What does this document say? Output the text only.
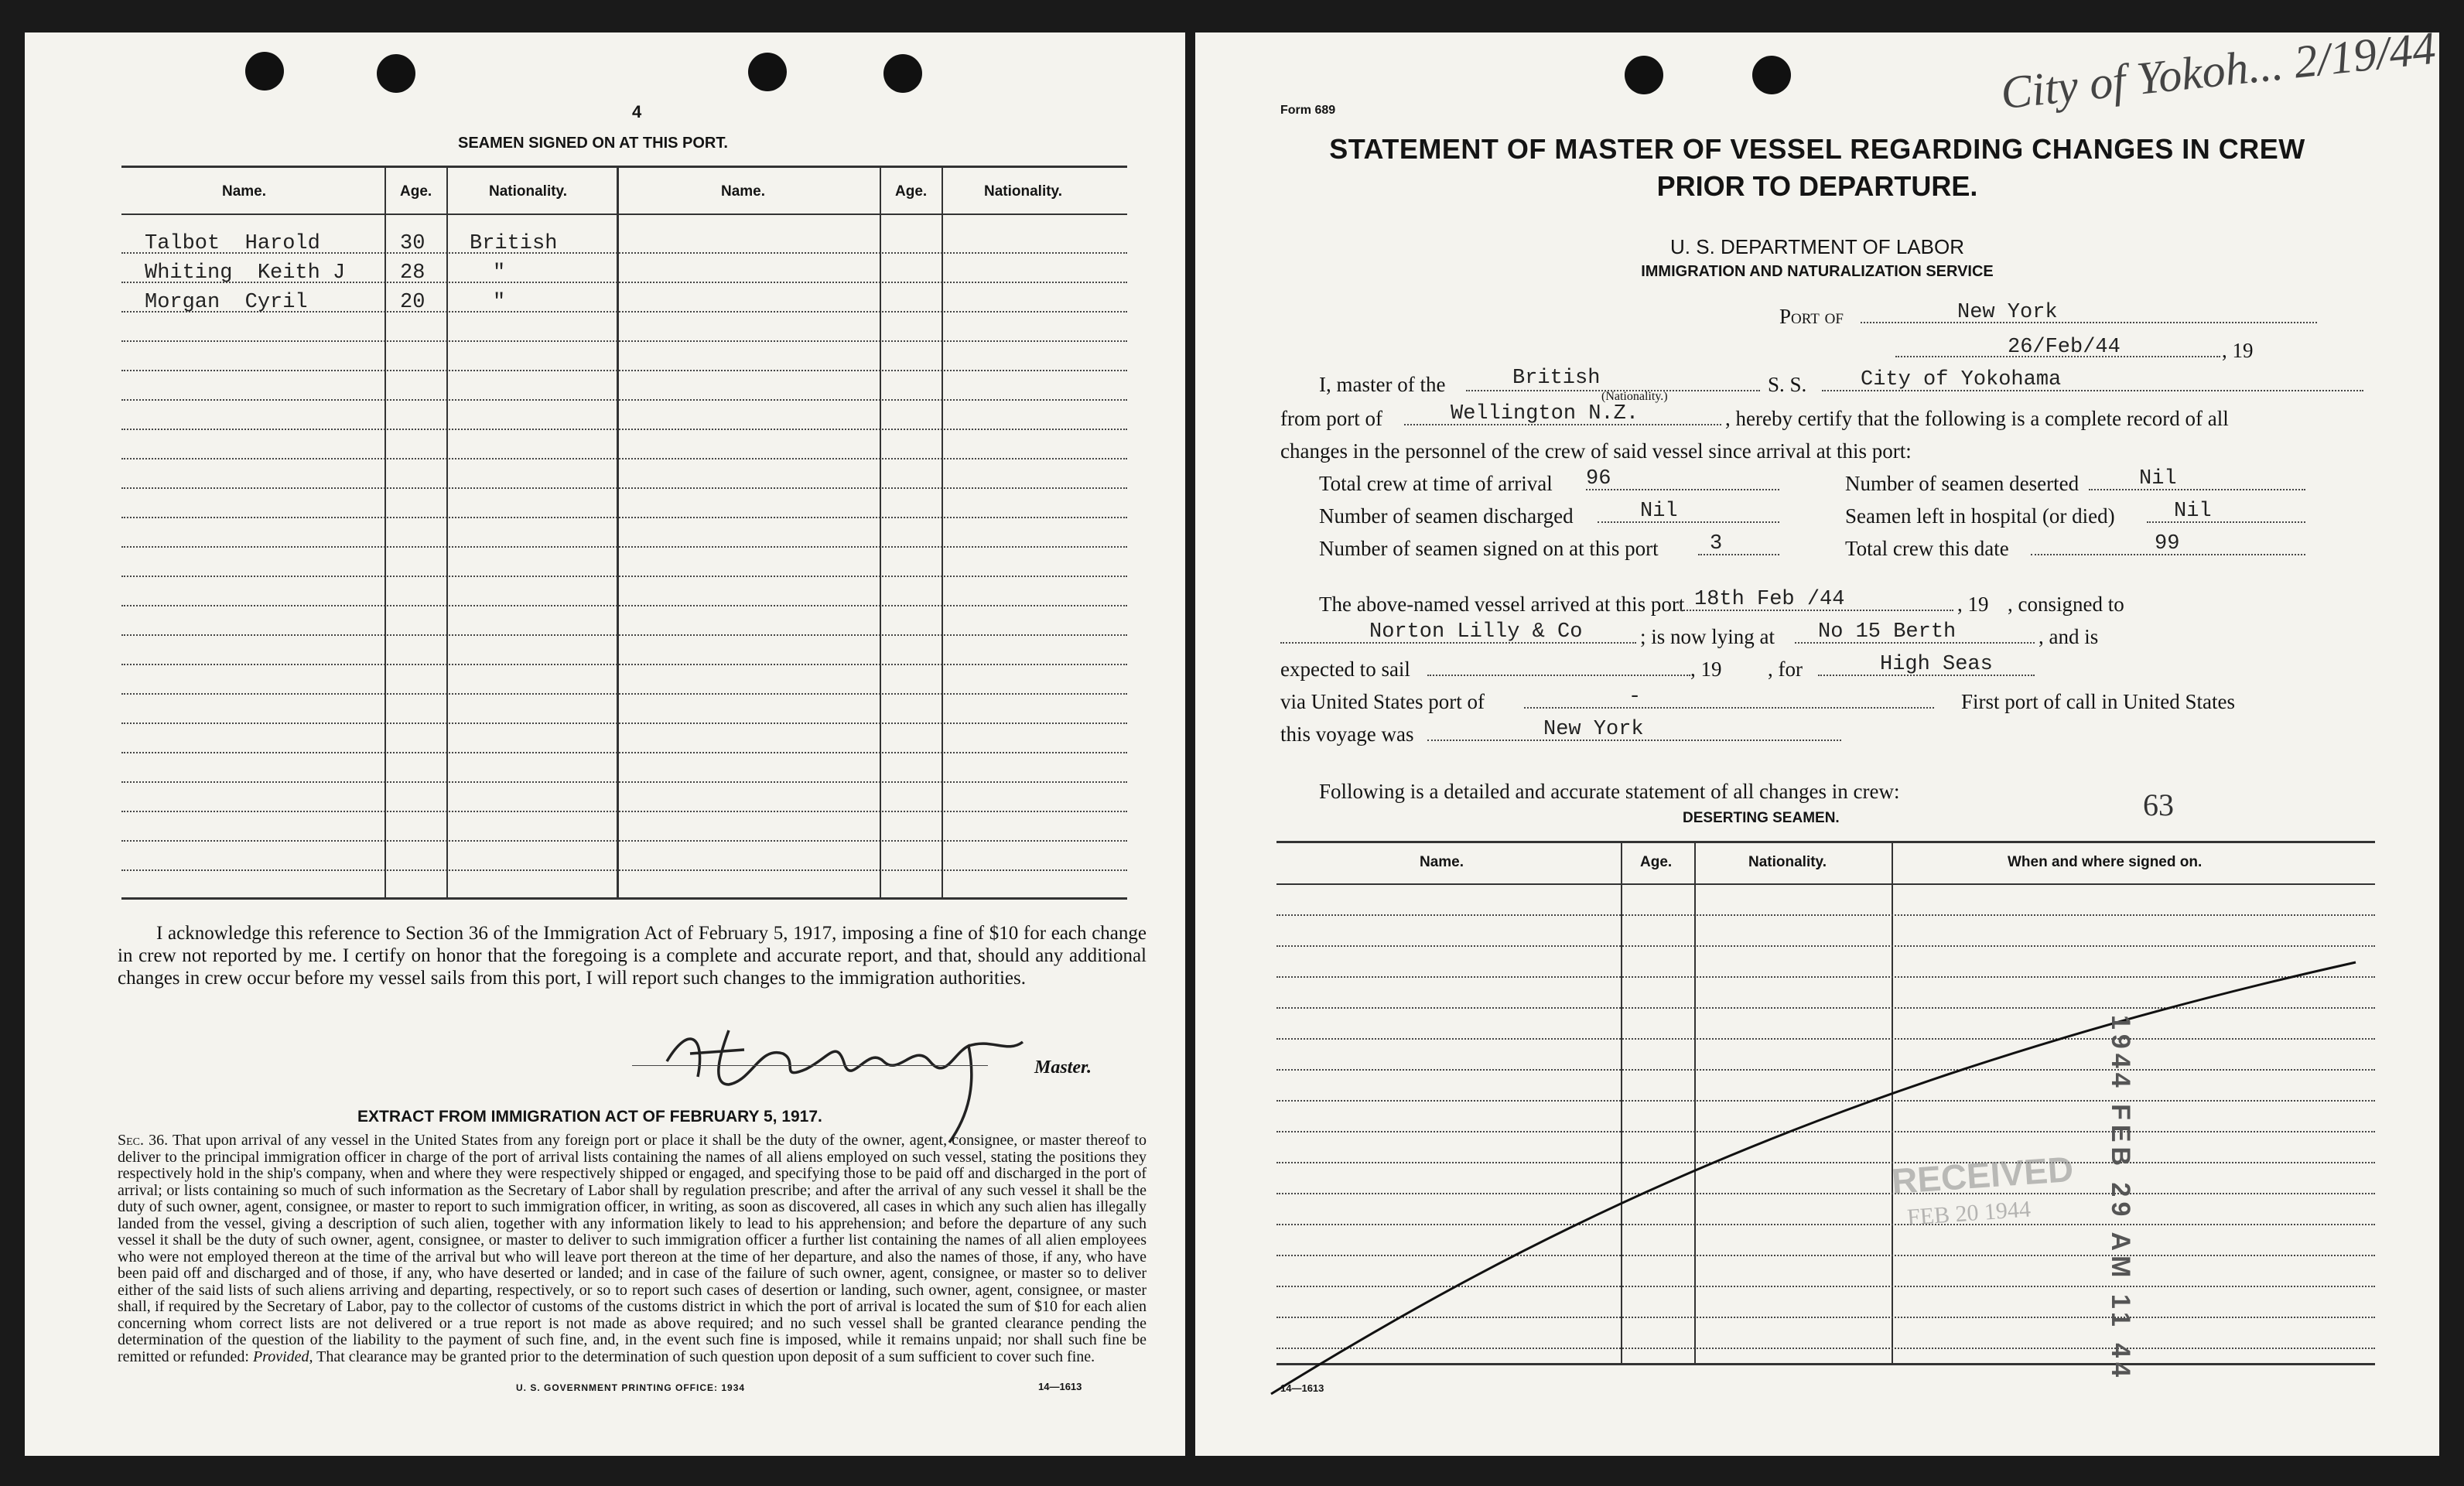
4
SEAMEN SIGNED ON AT THIS PORT.
Name.	Age.	Nationality.	Name.	Age.	Nationality.
Talbot  Harold	30 British
Whiting  Keith J	28	"
Morgan  Cyril	20	"
I acknowledge this reference to Section 36 of the Immigration Act of February 5, 1917, imposing a fine of $10 for each change in crew not reported by me. I certify on honor that the foregoing is a complete and accurate report, and that, should any additional changes in crew occur before my vessel sails from this port, I will report such changes to the immigration authorities.
Master.
EXTRACT FROM IMMIGRATION ACT OF FEBRUARY 5, 1917.
Sec. 36. That upon arrival of any vessel in the United States from any foreign port or place it shall be the duty of the owner, agent, consignee, or master thereof to deliver to the principal immigration officer in charge of the port of arrival lists containing the names of all aliens employed on such vessel, stating the positions they respectively hold in the ship's company, when and where they were respectively shipped or engaged, and specifying those to be paid off and discharged in the port of arrival; or lists containing so much of such information as the Secretary of Labor shall by regulation prescribe; and after the arrival of any such vessel it shall be the duty of such owner, agent, consignee, or master to report to such immigration officer, in writing, as soon as discovered, all cases in which any such alien has illegally landed from the vessel, giving a description of such alien, together with any information likely to lead to his apprehension; and before the departure of any such vessel it shall be the duty of such owner, agent, consignee, or master to deliver to such immigration officer a further list containing the names of all alien employees who were not employed thereon at the time of the arrival but who will leave port thereon at the time of her departure, and also the names of those, if any, who have been paid off and discharged and of those, if any, who have deserted or landed; and in case of the failure of such owner, agent, consignee, or master so to deliver either of the said lists of such aliens arriving and departing, respectively, or so to report such cases of desertion or landing, such owner, agent, consignee, or master shall, if required by the Secretary of Labor, pay to the collector of customs of the customs district in which the port of arrival is located the sum of $10 for each alien concerning whom correct lists are not delivered or a true report is not made as above required; and no such vessel shall be granted clearance pending the determination of the question of the liability to the payment of such fine, and, in the event such fine is imposed, while it remains unpaid; nor shall such fine be remitted or refunded: Provided, That clearance may be granted prior to the determination of such question upon deposit of a sum sufficient to cover such fine.
U. S. GOVERNMENT PRINTING OFFICE: 1934	14—1613
Form 689	City of Yokoh... 2/19/44
STATEMENT OF MASTER OF VESSEL REGARDING CHANGES IN CREW
PRIOR TO DEPARTURE.
U. S. DEPARTMENT OF LABOR
IMMIGRATION AND NATURALIZATION SERVICE
Port of	New York
26/Feb/44	, 19
I, master of the	British
(Nationality.)
S. S.	City of Yokohama
from port of	Wellington N.Z.	, hereby certify that the following is a complete record of all
changes in the personnel of the crew of said vessel since arrival at this port:
Total crew at time of arrival 96	Number of seamen deserted	Nil
Number of seamen discharged	Nil	Seamen left in hospital (or died)	Nil
Number of seamen signed on at this port 3	Total crew this date	99
The above-named vessel arrived at this port 18th Feb /44	, 19 , consigned to
Norton Lilly & Co	; is now lying at No 15 Berth	, and is
expected to sail	, 19 , for	High Seas
via United States port of	-	First port of call in United States
this voyage was	New York
Following is a detailed and accurate statement of all changes in crew:
DESERTING SEAMEN.	63
Name.	Age.	Nationality.	When and where signed on.
RECEIVED
FEB 20 1944	1944 FEB 29 AM 11 44
14—1613
